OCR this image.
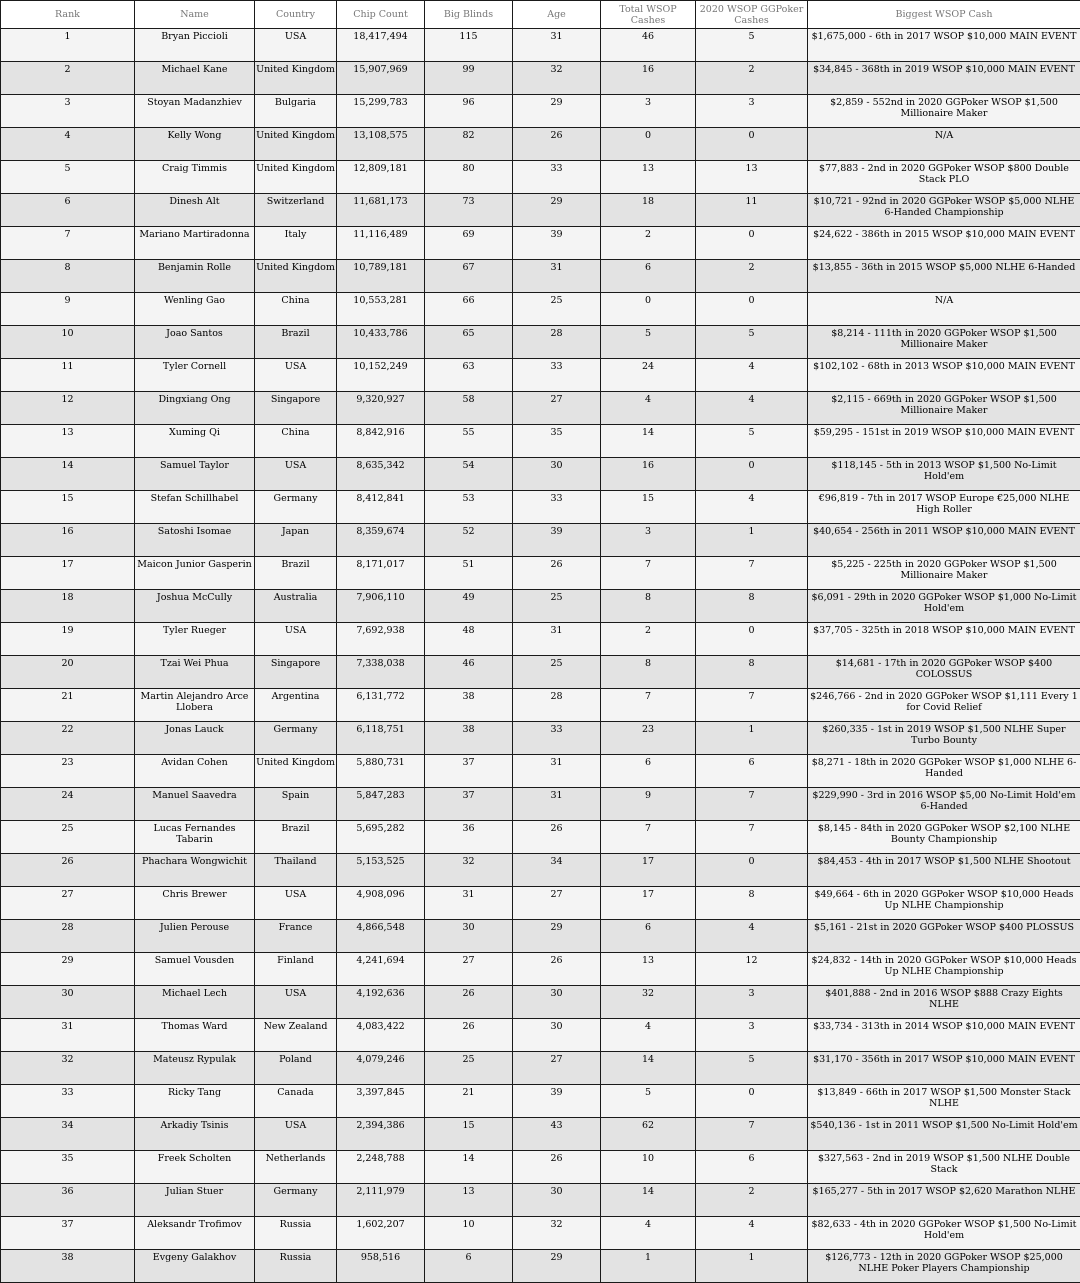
Rank	Name	Country	Chip Count	Big Blinds	Age	Total WSOP Cashes	2020 WSOP GGPoker Cashes	Biggest WSOP Cash
1	Bryan Piccioli	USA	18,417,494	115	31	46	5	$1,675,000 - 6th in 2017 WSOP $10,000 MAIN EVENT
2	Michael Kane	United Kingdom	15,907,969	99	32	16	2	$34,845 - 368th in 2019 WSOP $10,000 MAIN EVENT
3	Stoyan Madanzhiev	Bulgaria	15,299,783	96	29	3	3	$2,859 - 552nd in 2020 GGPoker WSOP $1,500 Millionaire Maker
4	Kelly Wong	United Kingdom	13,108,575	82	26	0	0	N/A
5	Craig Timmis	United Kingdom	12,809,181	80	33	13	13	$77,883 - 2nd in 2020 GGPoker WSOP $800 Double Stack PLO
6	Dinesh Alt	Switzerland	11,681,173	73	29	18	11	$10,721 - 92nd in 2020 GGPoker WSOP $5,000 NLHE 6-Handed Championship
7	Mariano Martiradonna	Italy	11,116,489	69	39	2	0	$24,622 - 386th in 2015 WSOP $10,000 MAIN EVENT
8	Benjamin Rolle	United Kingdom	10,789,181	67	31	6	2	$13,855 - 36th in 2015 WSOP $5,000 NLHE 6-Handed
9	Wenling Gao	China	10,553,281	66	25	0	0	N/A
10	Joao Santos	Brazil	10,433,786	65	28	5	5	$8,214 - 111th in 2020 GGPoker WSOP $1,500 Millionaire Maker
11	Tyler Cornell	USA	10,152,249	63	33	24	4	$102,102 - 68th in 2013 WSOP $10,000 MAIN EVENT
12	Dingxiang Ong	Singapore	9,320,927	58	27	4	4	$2,115 - 669th in 2020 GGPoker WSOP $1,500 Millionaire Maker
13	Xuming Qi	China	8,842,916	55	35	14	5	$59,295 - 151st in 2019 WSOP $10,000 MAIN EVENT
14	Samuel Taylor	USA	8,635,342	54	30	16	0	$118,145 - 5th in 2013 WSOP $1,500 No-Limit Hold'em
15	Stefan Schillhabel	Germany	8,412,841	53	33	15	4	€96,819 - 7th in 2017 WSOP Europe €25,000 NLHE High Roller
16	Satoshi Isomae	Japan	8,359,674	52	39	3	1	$40,654 - 256th in 2011 WSOP $10,000 MAIN EVENT
17	Maicon Junior Gasperin	Brazil	8,171,017	51	26	7	7	$5,225 - 225th in 2020 GGPoker WSOP $1,500 Millionaire Maker
18	Joshua McCully	Australia	7,906,110	49	25	8	8	$6,091 - 29th in 2020 GGPoker WSOP $1,000 No-Limit Hold'em
19	Tyler Rueger	USA	7,692,938	48	31	2	0	$37,705 - 325th in 2018 WSOP $10,000 MAIN EVENT
20	Tzai Wei Phua	Singapore	7,338,038	46	25	8	8	$14,681 - 17th in 2020 GGPoker WSOP $400 COLOSSUS
21	Martin Alejandro Arce Llobera	Argentina	6,131,772	38	28	7	7	$246,766 - 2nd in 2020 GGPoker WSOP $1,111 Every 1 for Covid Relief
22	Jonas Lauck	Germany	6,118,751	38	33	23	1	$260,335 - 1st in 2019 WSOP $1,500 NLHE Super Turbo Bounty
23	Avidan Cohen	United Kingdom	5,880,731	37	31	6	6	$8,271 - 18th in 2020 GGPoker WSOP $1,000 NLHE 6-Handed
24	Manuel Saavedra	Spain	5,847,283	37	31	9	7	$229,990 - 3rd in 2016 WSOP $5,00 No-Limit Hold'em 6-Handed
25	Lucas Fernandes Tabarin	Brazil	5,695,282	36	26	7	7	$8,145 - 84th in 2020 GGPoker WSOP $2,100 NLHE Bounty Championship
26	Phachara Wongwichit	Thailand	5,153,525	32	34	17	0	$84,453 - 4th in 2017 WSOP $1,500 NLHE Shootout
27	Chris Brewer	USA	4,908,096	31	27	17	8	$49,664 - 6th in 2020 GGPoker WSOP $10,000 Heads Up NLHE Championship
28	Julien Perouse	France	4,866,548	30	29	6	4	$5,161 - 21st in 2020 GGPoker WSOP $400 PLOSSUS
29	Samuel Vousden	Finland	4,241,694	27	26	13	12	$24,832 - 14th in 2020 GGPoker WSOP $10,000 Heads Up NLHE Championship
30	Michael Lech	USA	4,192,636	26	30	32	3	$401,888 - 2nd in 2016 WSOP $888 Crazy Eights NLHE
31	Thomas Ward	New Zealand	4,083,422	26	30	4	3	$33,734 - 313th in 2014 WSOP $10,000 MAIN EVENT
32	Mateusz Rypulak	Poland	4,079,246	25	27	14	5	$31,170 - 356th in 2017 WSOP $10,000 MAIN EVENT
33	Ricky Tang	Canada	3,397,845	21	39	5	0	$13,849 - 66th in 2017 WSOP $1,500 Monster Stack NLHE
34	Arkadiy Tsinis	USA	2,394,386	15	43	62	7	$540,136 - 1st in 2011 WSOP $1,500 No-Limit Hold'em
35	Freek Scholten	Netherlands	2,248,788	14	26	10	6	$327,563 - 2nd in 2019 WSOP $1,500 NLHE Double Stack
36	Julian Stuer	Germany	2,111,979	13	30	14	2	$165,277 - 5th in 2017 WSOP $2,620 Marathon NLHE
37	Aleksandr Trofimov	Russia	1,602,207	10	32	4	4	$82,633 - 4th in 2020 GGPoker WSOP $1,500 No-Limit Hold'em
38	Evgeny Galakhov	Russia	958,516	6	29	1	1	$126,773 - 12th in 2020 GGPoker WSOP $25,000 NLHE Poker Players Championship
